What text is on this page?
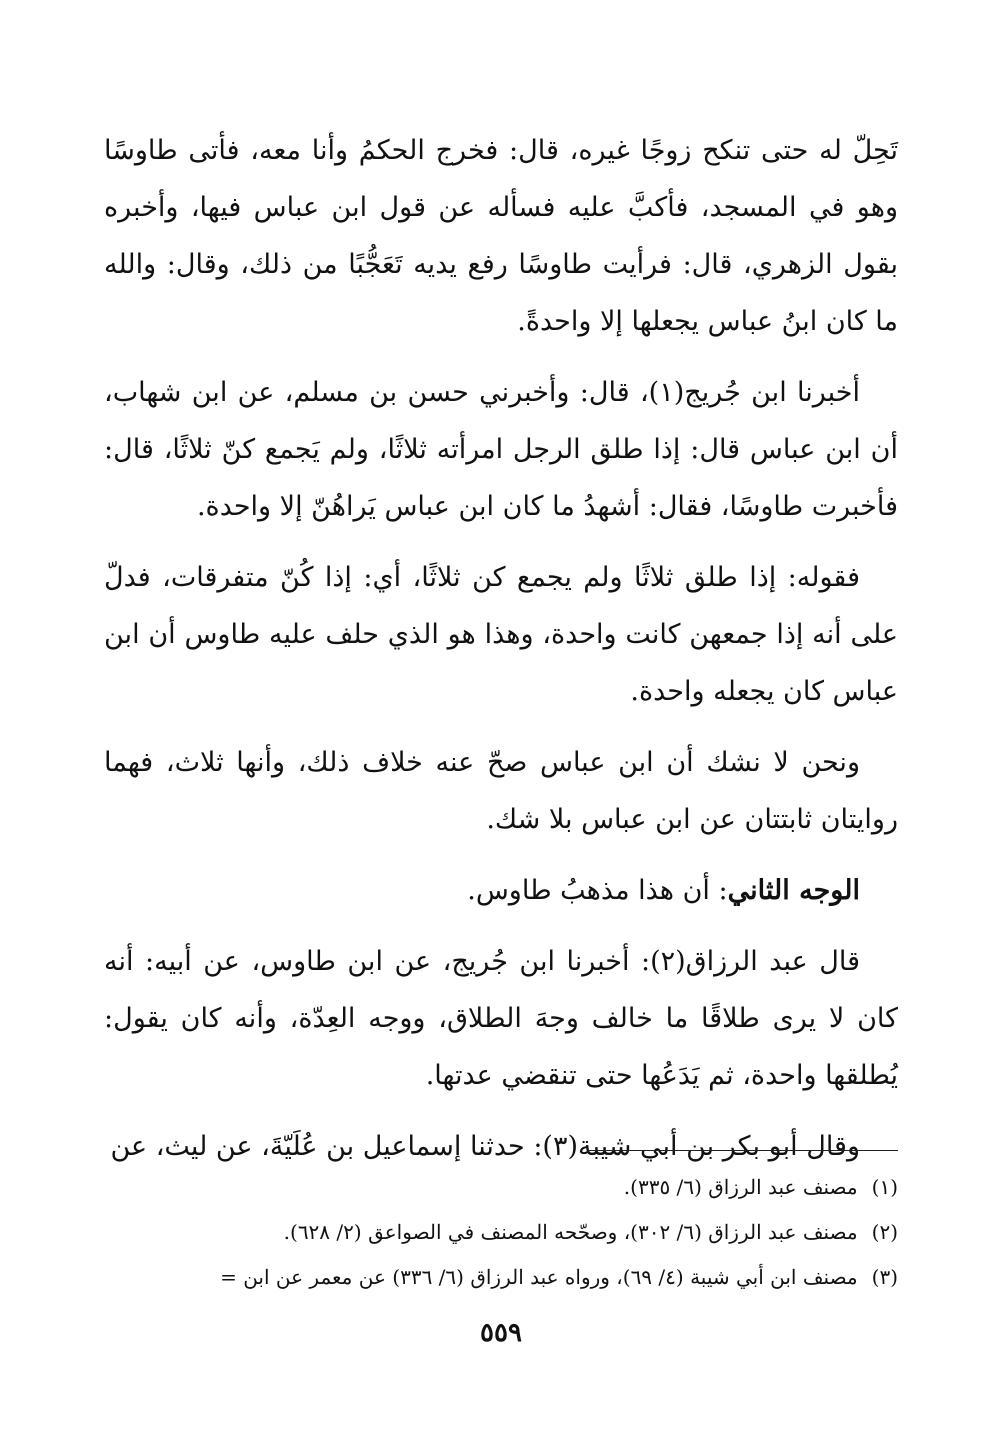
تَحِلّ له حتى تنكح زوجًا غيره، قال: فخرج الحكمُ وأنا معه، فأتى طاوسًا وهو في المسجد، فأكبَّ عليه فسأله عن قول ابن عباس فيها، وأخبره بقول الزهري، قال: فرأيت طاوسًا رفع يديه تَعَجُّبًا من ذلك، وقال: والله ما كان ابنُ عباس يجعلها إلا واحدةً.

أخبرنا ابن جُريج(١)، قال: وأخبرني حسن بن مسلم، عن ابن شهاب، أن ابن عباس قال: إذا طلق الرجل امرأته ثلاثًا، ولم يَجمع كنّ ثلاثًا، قال: فأخبرت طاوسًا، فقال: أشهدُ ما كان ابن عباس يَراهُنّ إلا واحدة.

فقوله: إذا طلق ثلاثًا ولم يجمع كن ثلاثًا، أي: إذا كُنّ متفرقات، فدلّ على أنه إذا جمعهن كانت واحدة، وهذا هو الذي حلف عليه طاوس أن ابن عباس كان يجعله واحدة.

ونحن لا نشك أن ابن عباس صحّ عنه خلاف ذلك، وأنها ثلاث، فهما روايتان ثابتتان عن ابن عباس بلا شك.

الوجه الثاني: أن هذا مذهبُ طاوس.

قال عبد الرزاق(٢): أخبرنا ابن جُريج، عن ابن طاوس، عن أبيه: أنه كان لا يرى طلاقًا ما خالف وجهَ الطلاق، ووجه العِدّة، وأنه كان يقول: يُطلقها واحدة، ثم يَدَعُها حتى تنقضي عدتها.

وقال أبو بكر بن أبي شيبة(٣): حدثنا إسماعيل بن عُلَيّةَ، عن ليث، عن

(١)مصنف عبد الرزاق (٦/ ٣٣٥).

(٢)مصنف عبد الرزاق (٦/ ٣٠٢)، وصحّحه المصنف في الصواعق (٢/ ٦٢٨).

(٣)مصنف ابن أبي شيبة (٤/ ٦٩)، ورواه عبد الرزاق (٦/ ٣٣٦) عن معمر عن ابن =

٥٥٩
